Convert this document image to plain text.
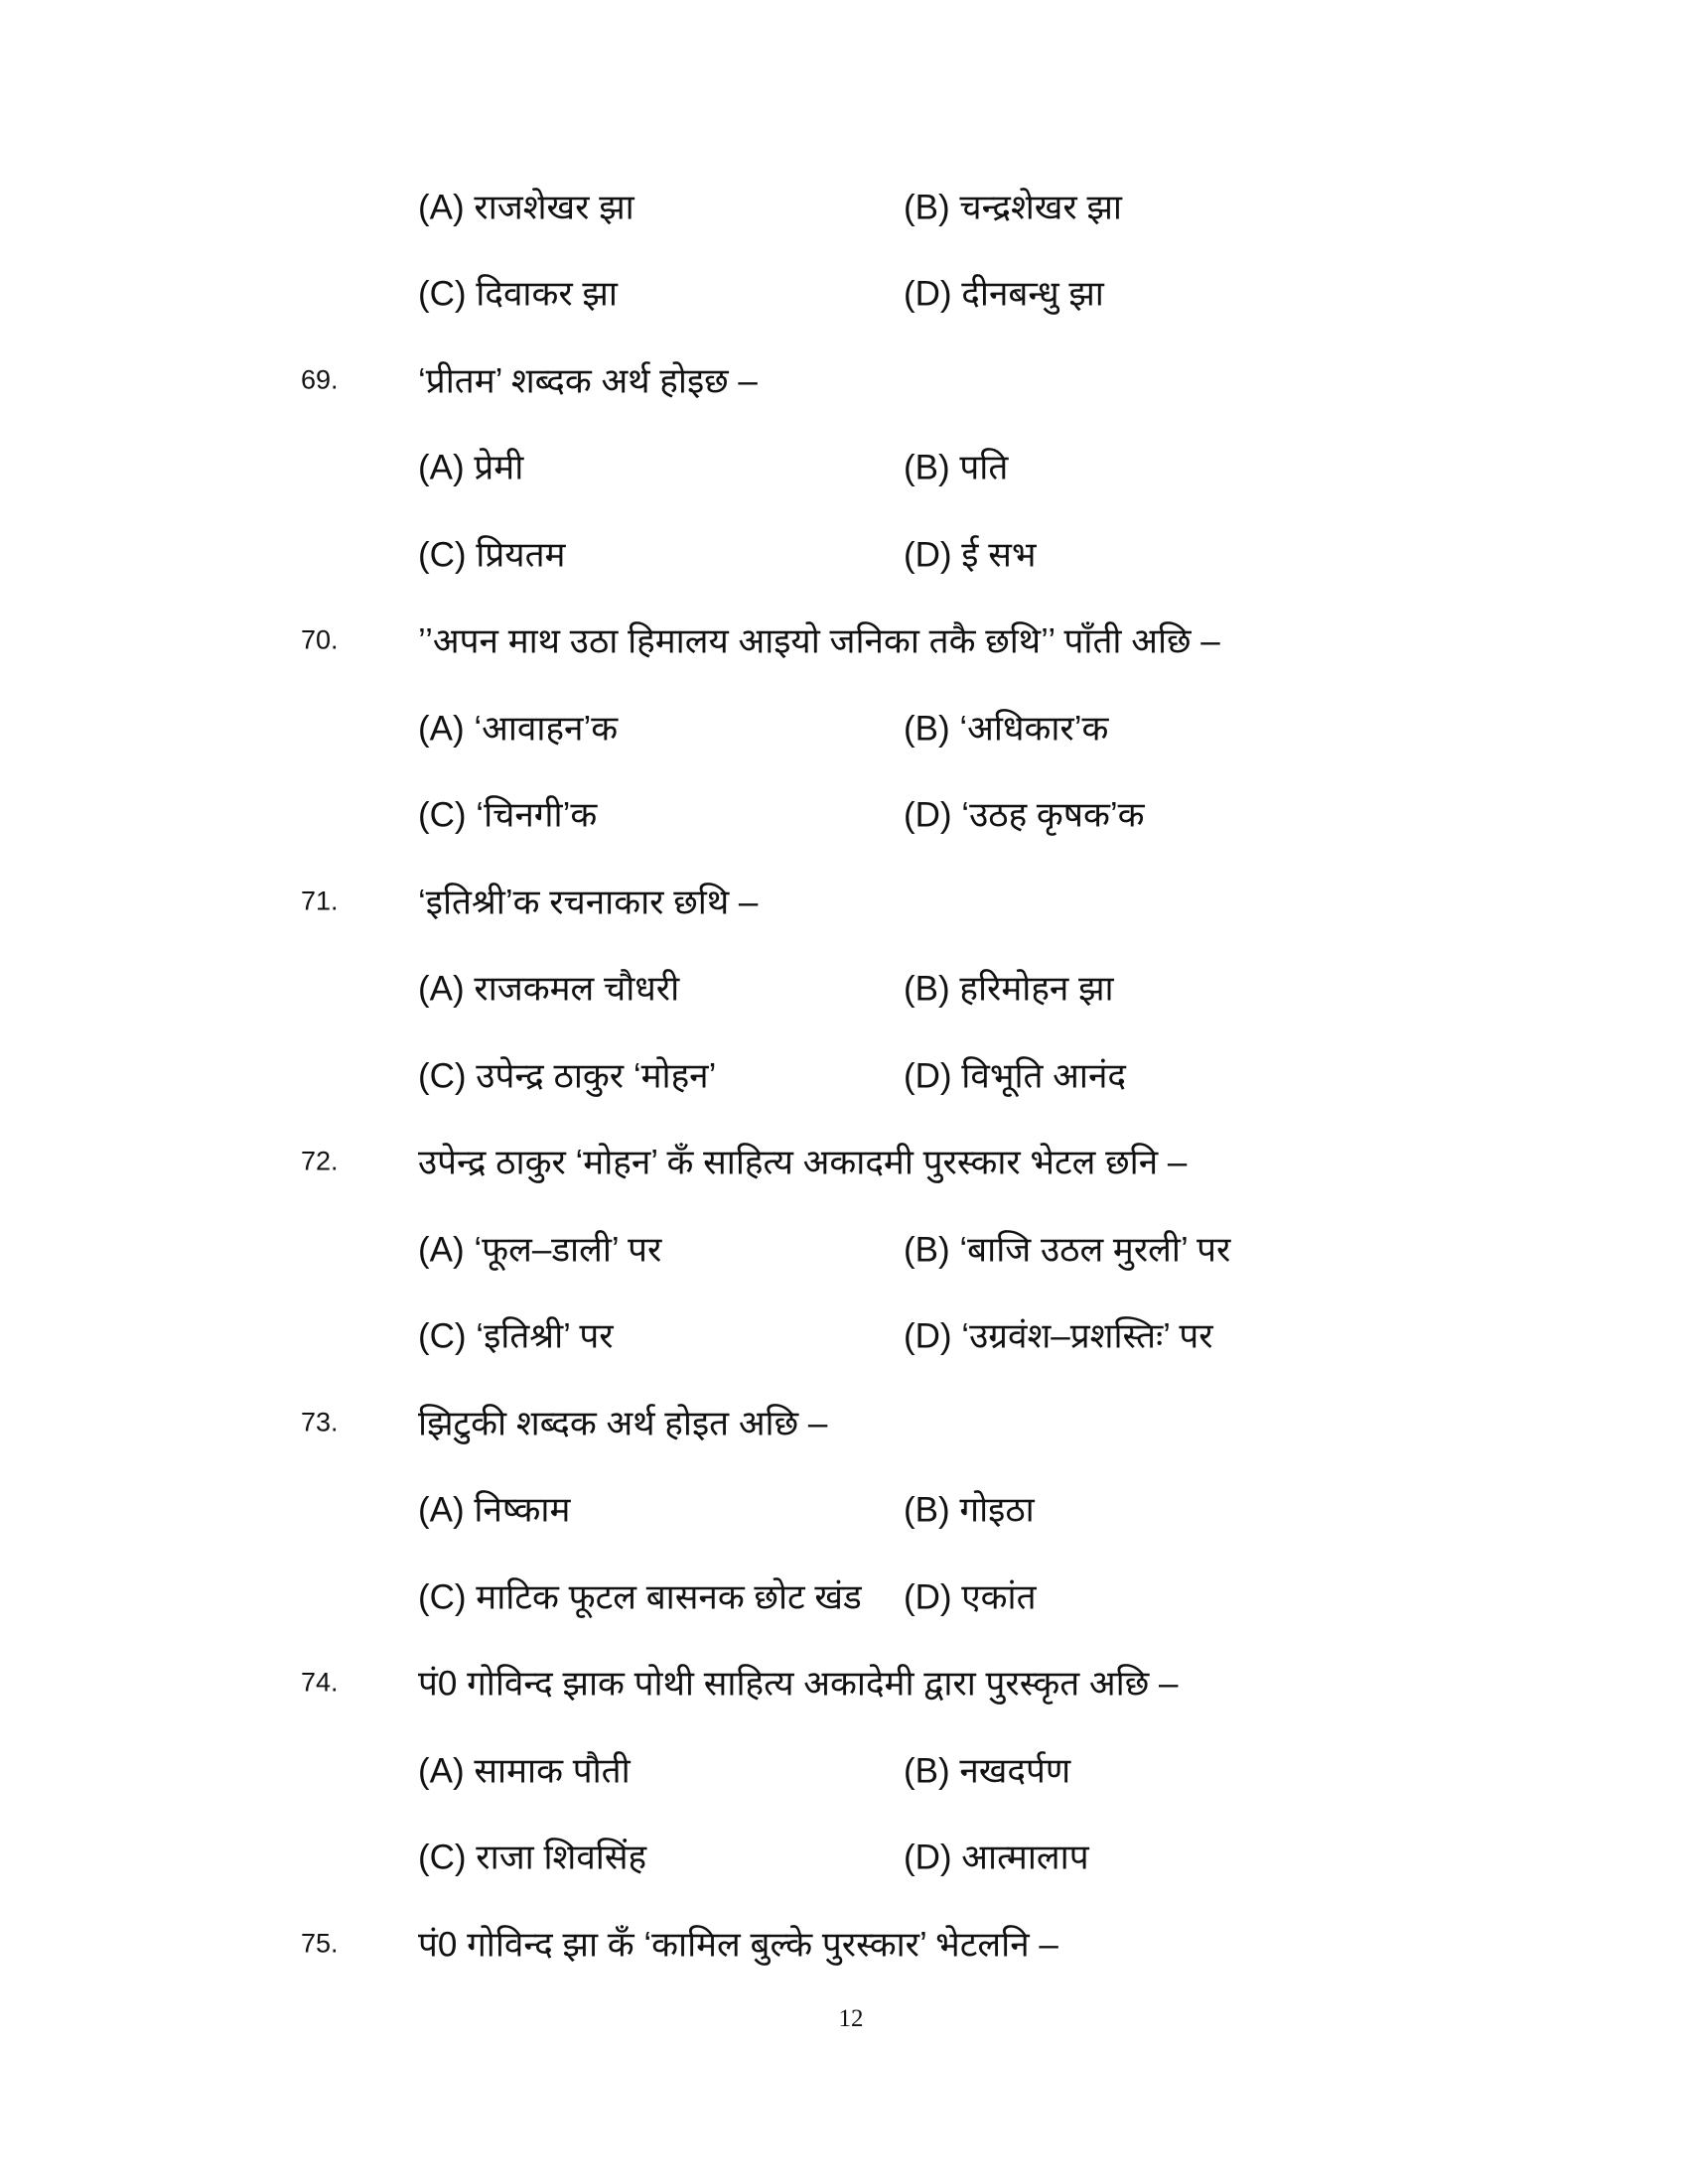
(A) राजशेखर झा	(B) चन्द्रशेखर झा
(C) दिवाकर झा	(D) दीनबन्धु झा
69. ‘प्रीतम’ शब्दक अर्थ होइछ –
(A) प्रेमी	(B) पति
(C) प्रियतम	(D) ई सभ
70. ’’अपन माथ उठा हिमालय आइयो जनिका तकै छथि’’ पाँती अछि –
(A) ‘आवाहन’क	(B) ‘अधिकार’क
(C) ‘चिनगी’क	(D) ‘उठह कृषक’क
71. ‘इतिश्री’क रचनाकार छथि –
(A) राजकमल चौधरी	(B) हरिमोहन झा
(C) उपेन्द्र ठाकुर ‘मोहन’	(D) विभूति आनंद
72. उपेन्द्र ठाकुर ‘मोहन’ कँ साहित्य अकादमी पुरस्कार भेटल छनि –
(A) ‘फूल–डाली’ पर	(B) ‘बाजि उठल मुरली’ पर
(C) ‘इतिश्री’ पर	(D) ‘उग्रवंश–प्रशस्तिः’ पर
73. झिटुकी शब्दक अर्थ होइत अछि –
(A) निष्काम	(B) गोइठा
(C) माटिक फूटल बासनक छोट खंड (D) एकांत
74. पं0 गोविन्द झाक पोथी साहित्य अकादेमी द्वारा पुरस्कृत अछि –
(A) सामाक पौती	(B) नखदर्पण
(C) राजा शिवसिंह	(D) आत्मालाप
75. पं0 गोविन्द झा कँ ‘कामिल बुल्के पुरस्कार’ भेटलनि –
12
